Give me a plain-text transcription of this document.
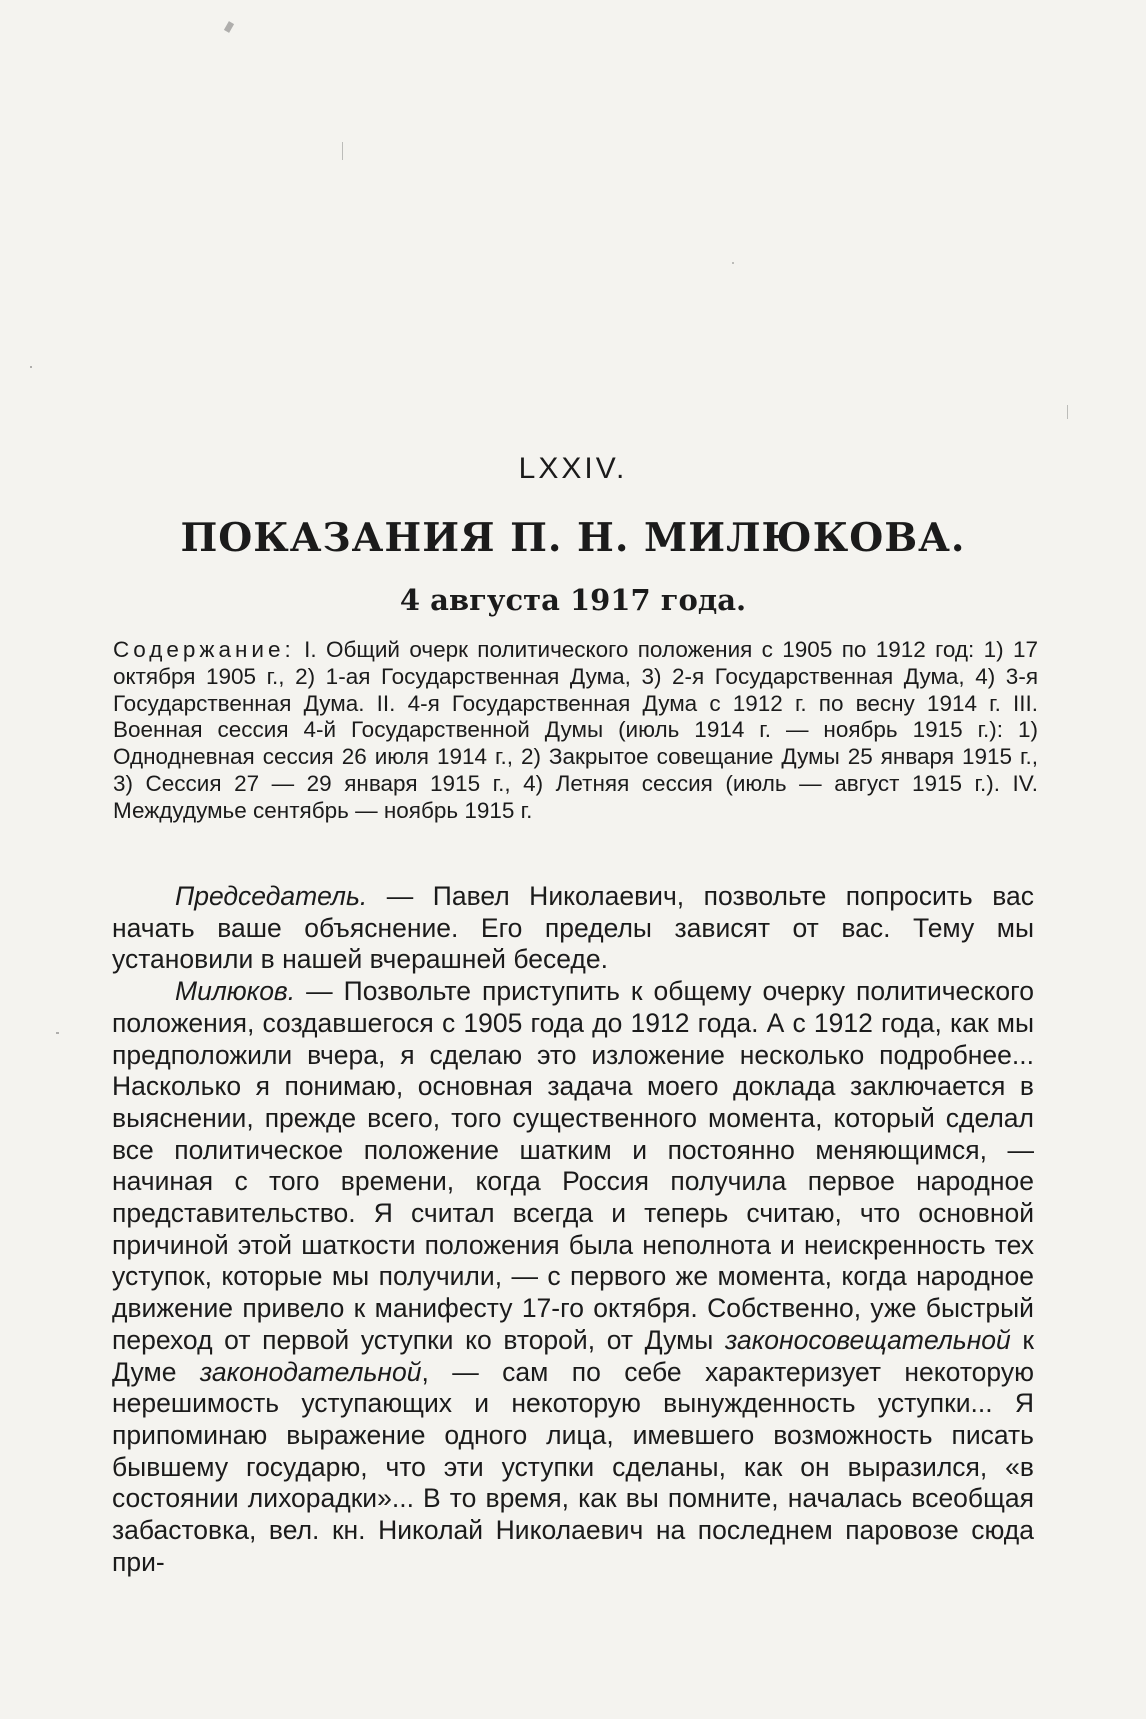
LXXIV.
ПОКАЗАНИЯ П. Н. МИЛЮКОВА.
4 августа 1917 года.
Содержание: I. Общий очерк политического положения с 1905 по 1912 год: 1) 17 октября 1905 г., 2) 1-ая Государственная Дума, 3) 2-я Государственная Дума, 4) 3-я Государственная Дума. II. 4-я Государственная Дума с 1912 г. по весну 1914 г. III. Военная сессия 4-й Государственной Думы (июль 1914 г. — ноябрь 1915 г.): 1) Однодневная сессия 26 июля 1914 г., 2) Закрытое совещание Думы 25 января 1915 г., 3) Сессия 27 — 29 января 1915 г., 4) Летняя сессия (июль — август 1915 г.). IV. Междудумье сентябрь — ноябрь 1915 г.

Председатель. — Павел Николаевич, позвольте попросить вас начать ваше объяснение. Его пределы зависят от вас. Тему мы установили в нашей вчерашней беседе.

Милюков. — Позвольте приступить к общему очерку политического положения, создавшегося с 1905 года до 1912 года. А с 1912 года, как мы предположили вчера, я сделаю это изложение несколько подробнее... Насколько я понимаю, основная задача моего доклада заключается в выяснении, прежде всего, того существенного момента, который сделал все политическое положение шатким и постоянно меняющимся, — начиная с того времени, когда Россия получила первое народное представительство. Я считал всегда и теперь считаю, что основной причиной этой шаткости положения была неполнота и неискренность тех уступок, которые мы получили, — с первого же момента, когда народное движение привело к манифесту 17-го октября. Собственно, уже быстрый переход от первой уступки ко второй, от Думы законосовещательной к Думе законодательной, — сам по себе характеризует некоторую нерешимость уступающих и некоторую вынужденность уступки... Я припоминаю выражение одного лица, имевшего возможность писать бывшему государю, что эти уступки сделаны, как он выразился, «в состоянии лихорадки»... В то время, как вы помните, началась всеобщая забастовка, вел. кн. Николай Николаевич на последнем паровозе сюда при-
